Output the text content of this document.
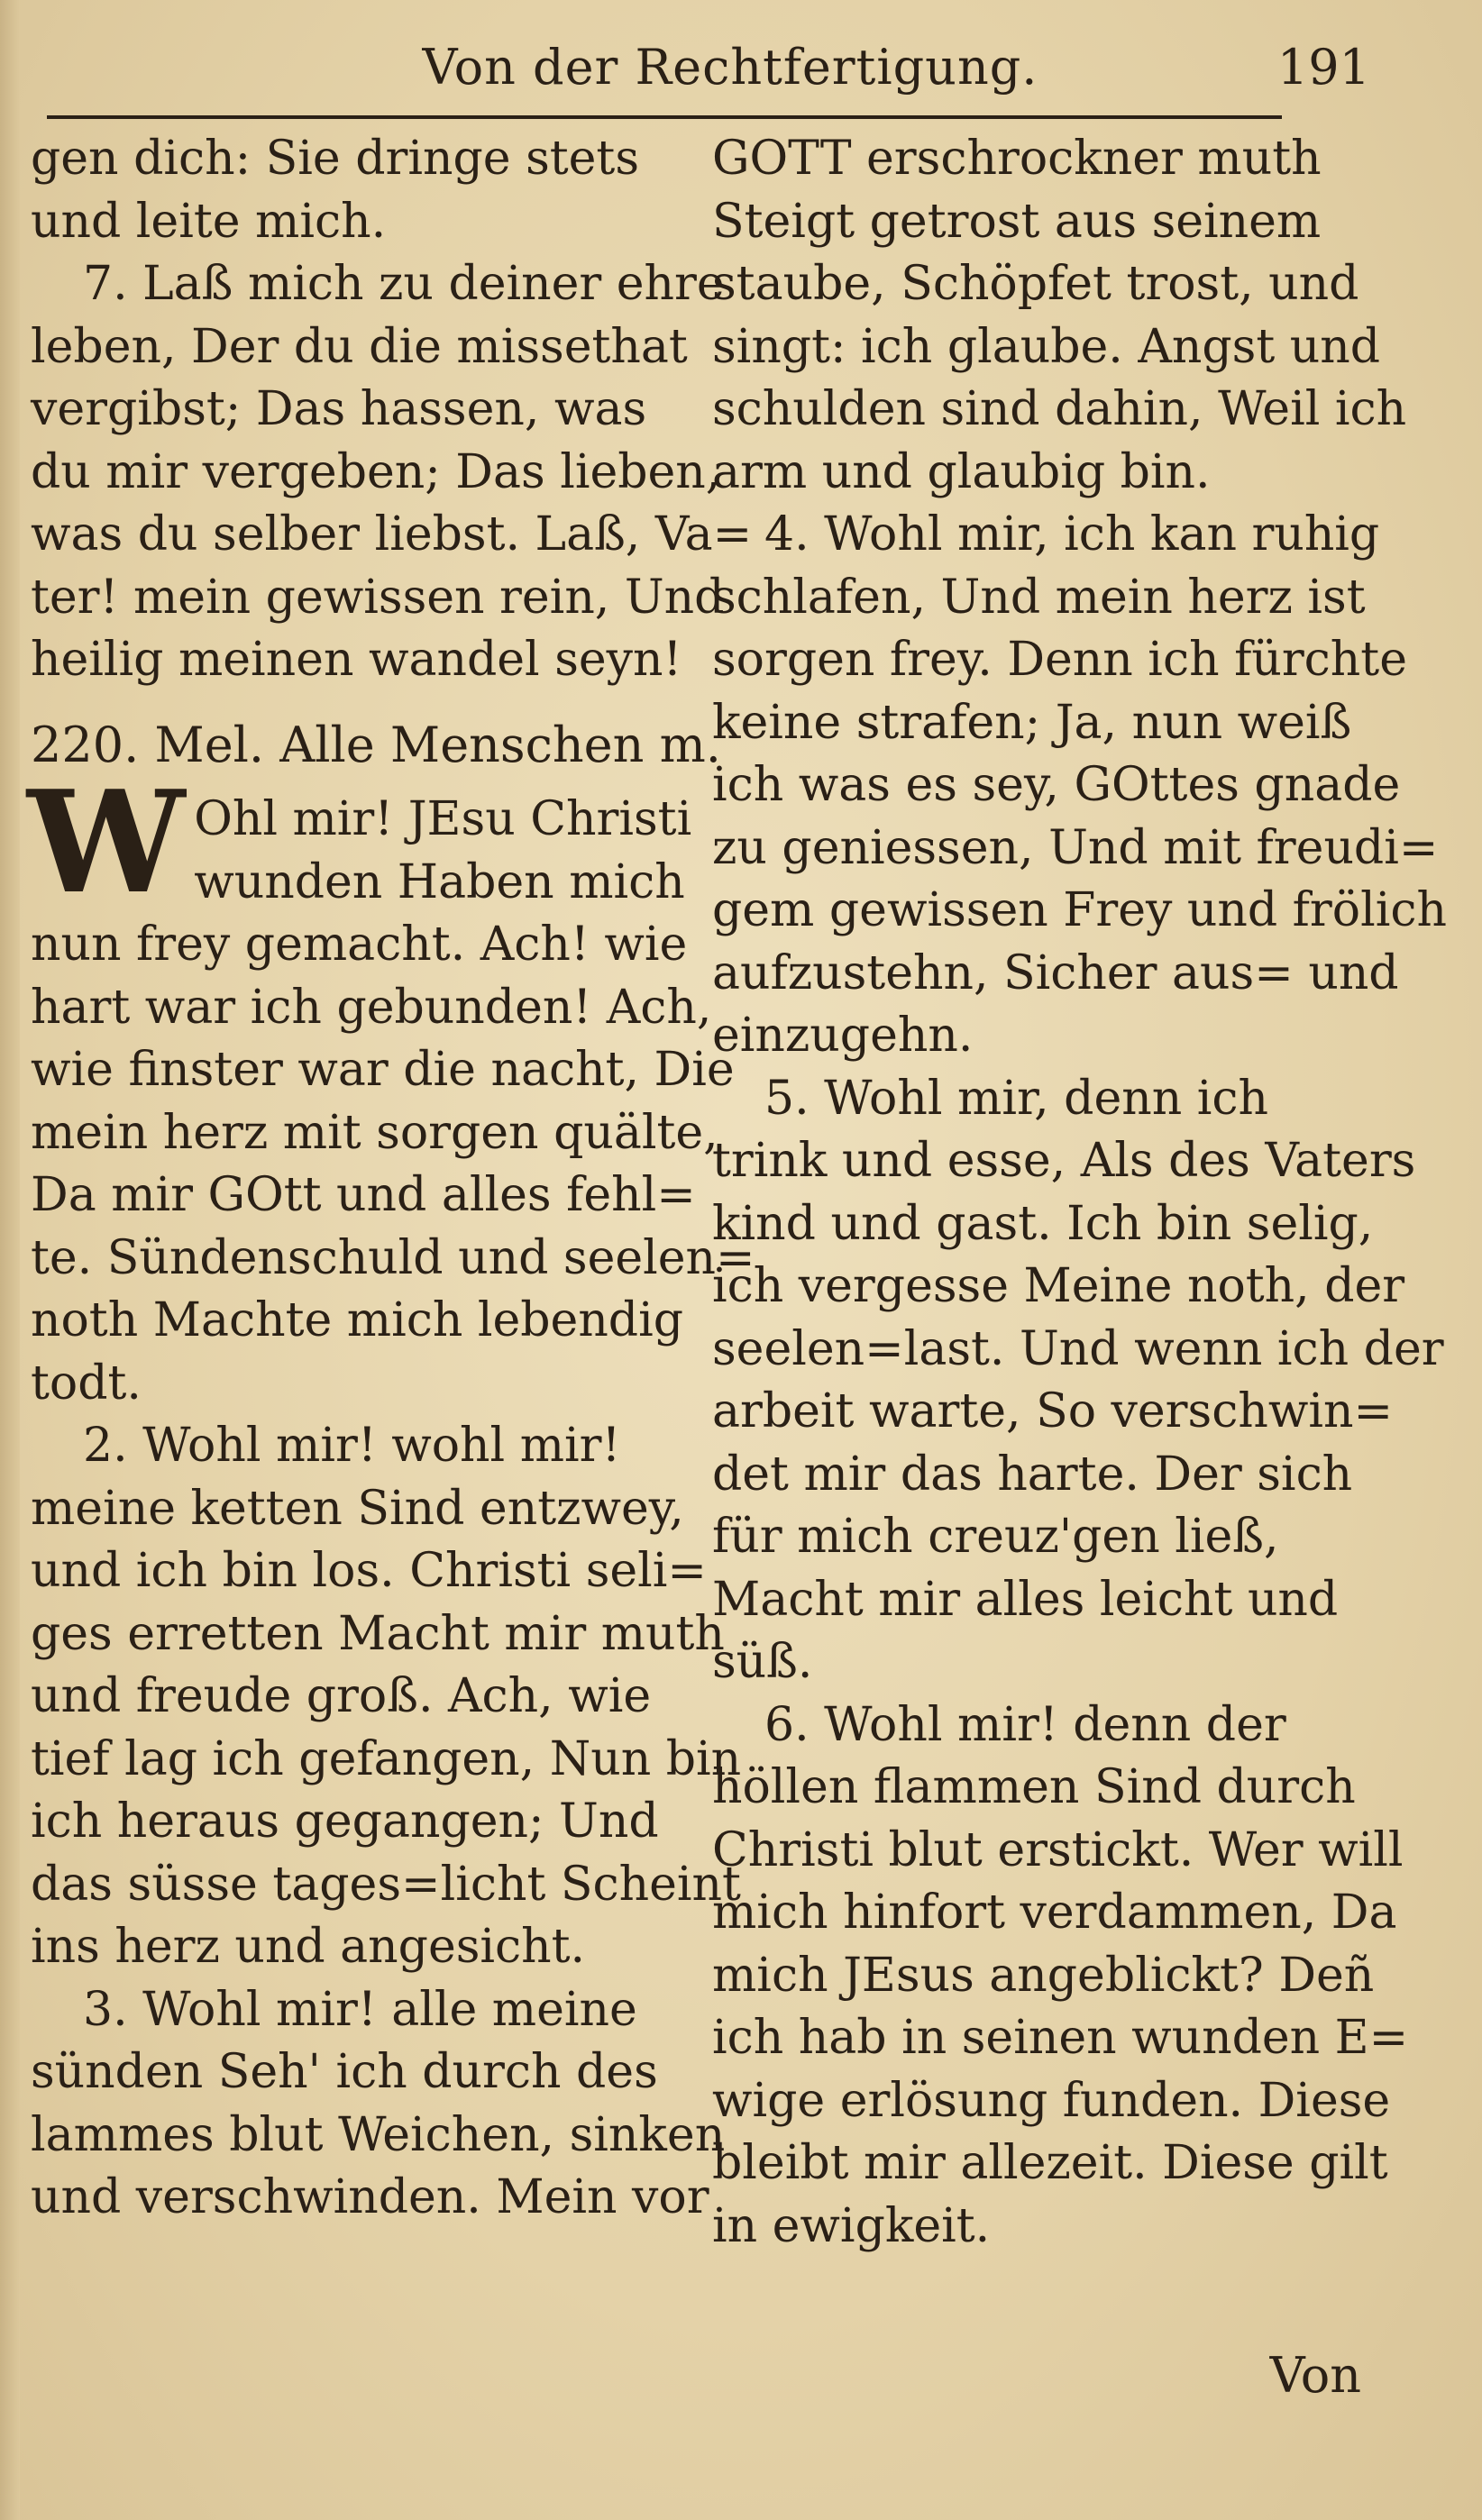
Von der Rechtfertigung.	191
gen dich: Sie dringe stets
und leite mich.
7. Laß mich zu deiner ehre
leben, Der du die missethat
vergibst; Das hassen, was
du mir vergeben; Das lieben,
was du selber liebst. Laß, Va=
ter! mein gewissen rein, Und
heilig meinen wandel seyn!
220. Mel. Alle Menschen m.
W Ohl mir! JEsu Christi
wunden Haben mich
nun frey gemacht. Ach! wie
hart war ich gebunden! Ach,
wie finster war die nacht, Die
mein herz mit sorgen quälte,
Da mir GOtt und alles fehl=
te. Sündenschuld und seelen=
noth Machte mich lebendig
todt.
2. Wohl mir! wohl mir!
meine ketten Sind entzwey,
und ich bin los. Christi seli=
ges erretten Macht mir muth
und freude groß. Ach, wie
tief lag ich gefangen, Nun bin
ich heraus gegangen; Und
das süsse tages=licht Scheint
ins herz und angesicht.
3. Wohl mir! alle meine
sünden Seh' ich durch des
lammes blut Weichen, sinken
und verschwinden. Mein vor
GOTT erschrockner muth
Steigt getrost aus seinem
staube, Schöpfet trost, und
singt: ich glaube. Angst und
schulden sind dahin, Weil ich
arm und glaubig bin.
4. Wohl mir, ich kan ruhig
schlafen, Und mein herz ist
sorgen frey. Denn ich fürchte
keine strafen; Ja, nun weiß
ich was es sey, GOttes gnade
zu geniessen, Und mit freudi=
gem gewissen Frey und frölich
aufzustehn, Sicher aus= und
einzugehn.
5. Wohl mir, denn ich
trink und esse, Als des Vaters
kind und gast. Ich bin selig,
ich vergesse Meine noth, der
seelen=last. Und wenn ich der
arbeit warte, So verschwin=
det mir das harte. Der sich
für mich creuz'gen ließ,
Macht mir alles leicht und
süß.
6. Wohl mir! denn der
höllen flammen Sind durch
Christi blut erstickt. Wer will
mich hinfort verdammen, Da
mich JEsus angeblickt? Deñ
ich hab in seinen wunden E=
wige erlösung funden. Diese
bleibt mir allezeit. Diese gilt
in ewigkeit.
Von
